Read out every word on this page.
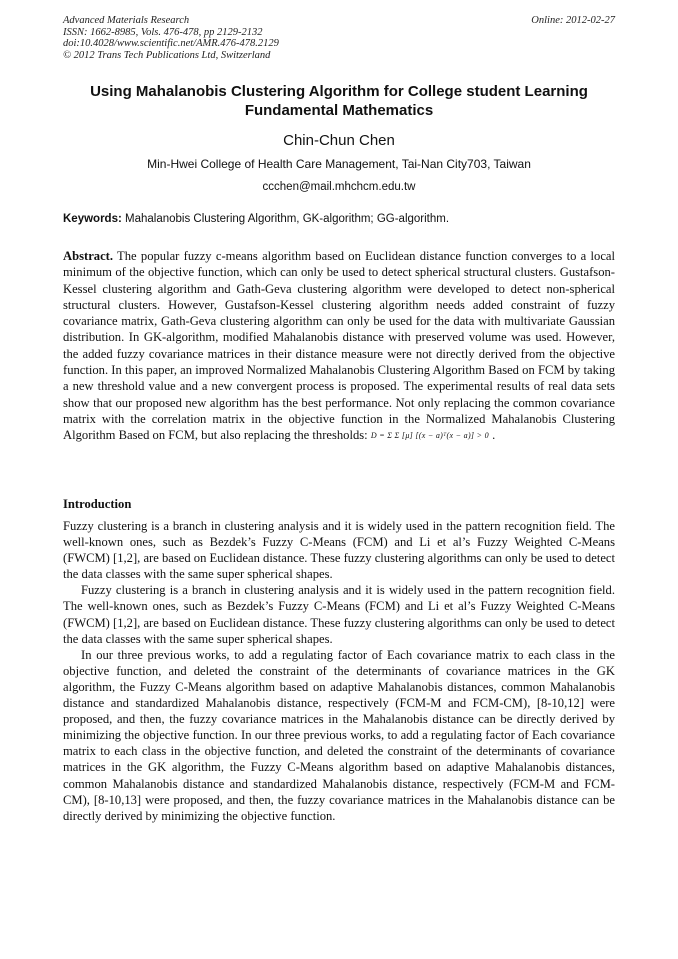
Advanced Materials Research
ISSN: 1662-8985, Vols. 476-478, pp 2129-2132
doi:10.4028/www.scientific.net/AMR.476-478.2129
© 2012 Trans Tech Publications Ltd, Switzerland
Online: 2012-02-27
Using Mahalanobis Clustering Algorithm for College student Learning Fundamental Mathematics
Chin-Chun Chen
Min-Hwei College of Health Care Management, Tai-Nan City703, Taiwan
ccchen@mail.mhchcm.edu.tw
Keywords: Mahalanobis Clustering Algorithm, GK-algorithm; GG-algorithm.
Abstract. The popular fuzzy c-means algorithm based on Euclidean distance function converges to a local minimum of the objective function, which can only be used to detect spherical structural clusters. Gustafson-Kessel clustering algorithm and Gath-Geva clustering algorithm were developed to detect non-spherical structural clusters. However, Gustafson-Kessel clustering algorithm needs added constraint of fuzzy covariance matrix, Gath-Geva clustering algorithm can only be used for the data with multivariate Gaussian distribution. In GK-algorithm, modified Mahalanobis distance with preserved volume was used. However, the added fuzzy covariance matrices in their distance measure were not directly derived from the objective function. In this paper, an improved Normalized Mahalanobis Clustering Algorithm Based on FCM by taking a new threshold value and a new convergent process is proposed. The experimental results of real data sets show that our proposed new algorithm has the best performance. Not only replacing the common covariance matrix with the correlation matrix in the objective function in the Normalized Mahalanobis Clustering Algorithm Based on FCM, but also replacing the thresholds: D = Σ Σ [μ] [(x − a)ᵀ(x − a)] > 0 .
Introduction

Fuzzy clustering is a branch in clustering analysis and it is widely used in the pattern recognition field. The well-known ones, such as Bezdek’s Fuzzy C-Means (FCM) and Li et al’s Fuzzy Weighted C-Means (FWCM) [1,2], are based on Euclidean distance. These fuzzy clustering algorithms can only be used to detect the data classes with the same super spherical shapes.

Fuzzy clustering is a branch in clustering analysis and it is widely used in the pattern recognition field. The well-known ones, such as Bezdek’s Fuzzy C-Means (FCM) and Li et al’s Fuzzy Weighted C-Means (FWCM) [1,2], are based on Euclidean distance. These fuzzy clustering algorithms can only be used to detect the data classes with the same super spherical shapes.

In our three previous works, to add a regulating factor of Each covariance matrix to each class in the objective function, and deleted the constraint of the determinants of covariance matrices in the GK algorithm, the Fuzzy C-Means algorithm based on adaptive Mahalanobis distances, common Mahalanobis distance and standardized Mahalanobis distance, respectively (FCM-M and FCM-CM), [8-10,12] were proposed, and then, the fuzzy covariance matrices in the Mahalanobis distance can be directly derived by minimizing the objective function. In our three previous works, to add a regulating factor of Each covariance matrix to each class in the objective function, and deleted the constraint of the determinants of covariance matrices in the GK algorithm, the Fuzzy C-Means algorithm based on adaptive Mahalanobis distances, common Mahalanobis distance and standardized Mahalanobis distance, respectively (FCM-M and FCM-CM), [8-10,13] were proposed, and then, the fuzzy covariance matrices in the Mahalanobis distance can be directly derived by minimizing the objective function.
